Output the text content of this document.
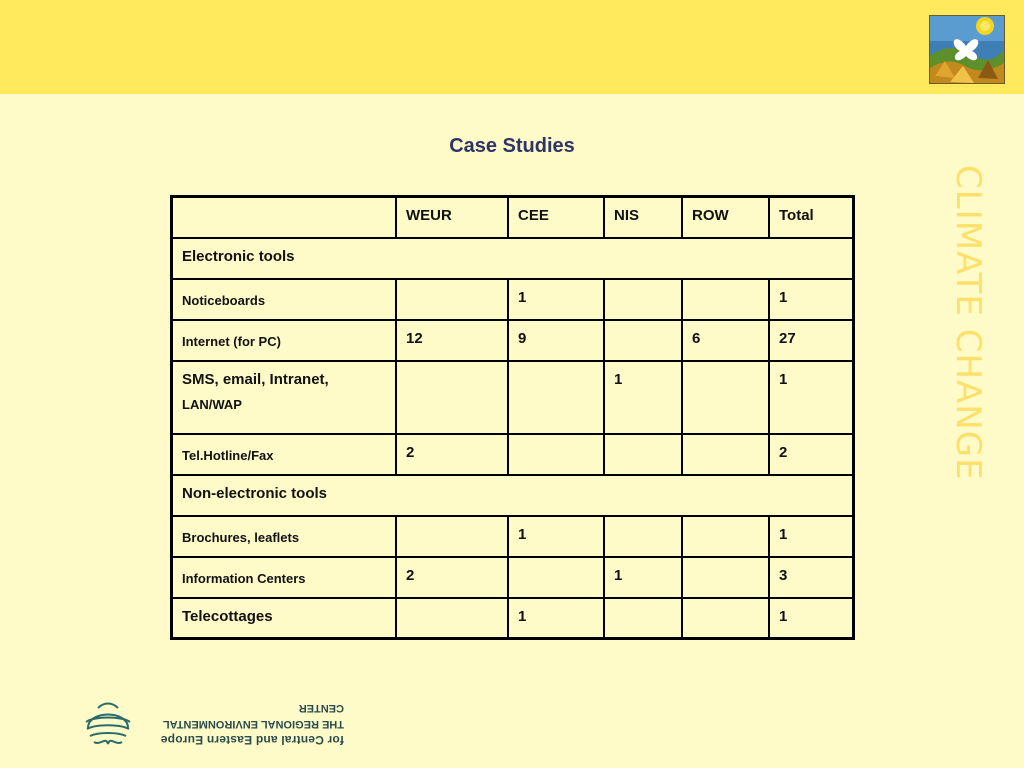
Case Studies
CLIMATE CHANGE
	WEUR	CEE	NIS	ROW	Total
Electronic tools					
Noticeboards		1			1
Internet (for PC)	12	9		6	27

SMS, email, Intranet,
LAN/WAP			1		1
Tel.Hotline/Fax	2				2
Non-electronic tools					
Brochures, leaflets		1			1
Information Centers	2		1		3
Telecottages		1			1
for Central and Eastern Europe
THE REGIONAL ENVIRONMENTAL CENTER
